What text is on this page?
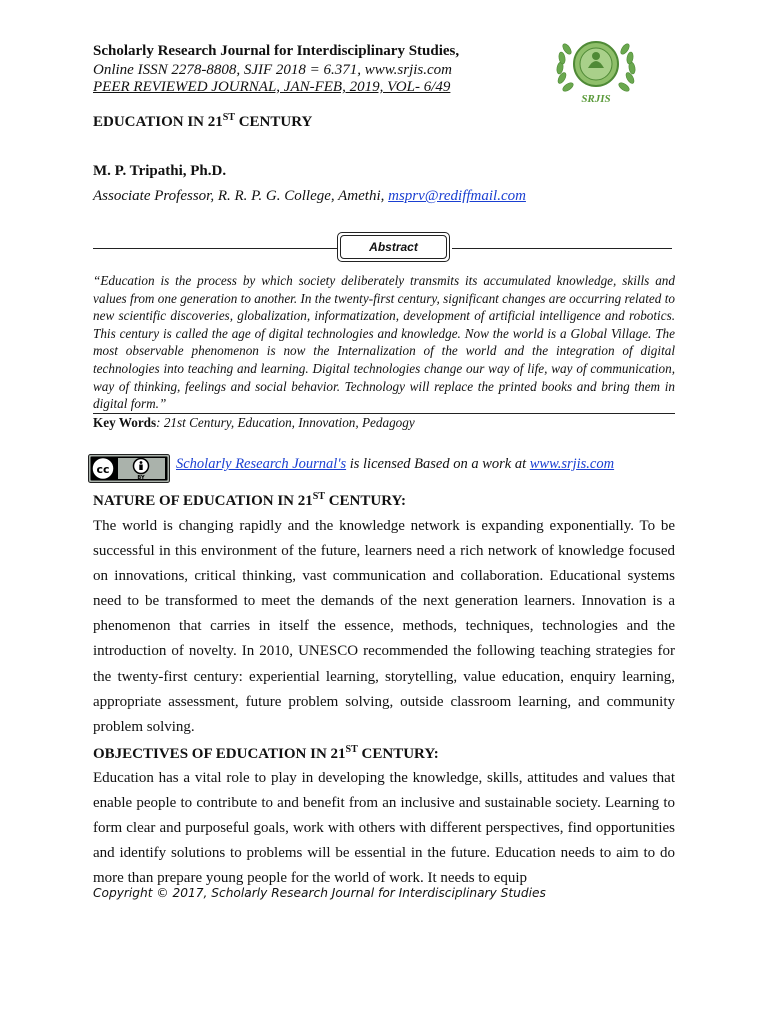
Scholarly Research Journal for Interdisciplinary Studies,
Online ISSN 2278-8808, SJIF 2018 = 6.371, www.srjis.com
PEER REVIEWED JOURNAL, JAN-FEB, 2019, VOL- 6/49
SRJIS
EDUCATION IN 21ST CENTURY
M. P. Tripathi, Ph.D.
Associate Professor, R. R. P. G. College, Amethi, msprv@rediffmail.com
Abstract
“Education is the process by which society deliberately transmits its accumulated knowledge, skills and values from one generation to another. In the twenty-first century, significant changes are occurring related to new scientific discoveries, globalization, informatization, development of artificial intelligence and robotics. This century is called the age of digital technologies and knowledge. Now the world is a Global Village. The most observable phenomenon is now the Internalization of the world and the integration of digital technologies into teaching and learning. Digital technologies change our way of life, way of communication, way of thinking, feelings and social behavior. Technology will replace the printed books and bring them in digital form.”
Key Words: 21st Century, Education, Innovation, Pedagogy
cc
BY
Scholarly Research Journal's is licensed Based on a work at www.srjis.com
NATURE OF EDUCATION IN 21ST CENTURY:
The world is changing rapidly and the knowledge network is expanding exponentially. To be successful in this environment of the future, learners need a rich network of knowledge focused on innovations, critical thinking, vast communication and collaboration. Educational systems need to be transformed to meet the demands of the next generation learners. Innovation is a phenomenon that carries in itself the essence, methods, techniques, technologies and the introduction of novelty. In 2010, UNESCO recommended the following teaching strategies for the twenty-first century: experiential learning, storytelling, value education, enquiry learning, appropriate assessment, future problem solving, outside classroom learning, and community problem solving.
OBJECTIVES OF EDUCATION IN 21ST CENTURY:
Education has a vital role to play in developing the knowledge, skills, attitudes and values that enable people to contribute to and benefit from an inclusive and sustainable society. Learning to form clear and purposeful goals, work with others with different perspectives, find opportunities and identify solutions to problems will be essential in the future. Education needs to aim to do more than prepare young people for the world of work. It needs to equip
Copyright © 2017, Scholarly Research Journal for Interdisciplinary Studies
